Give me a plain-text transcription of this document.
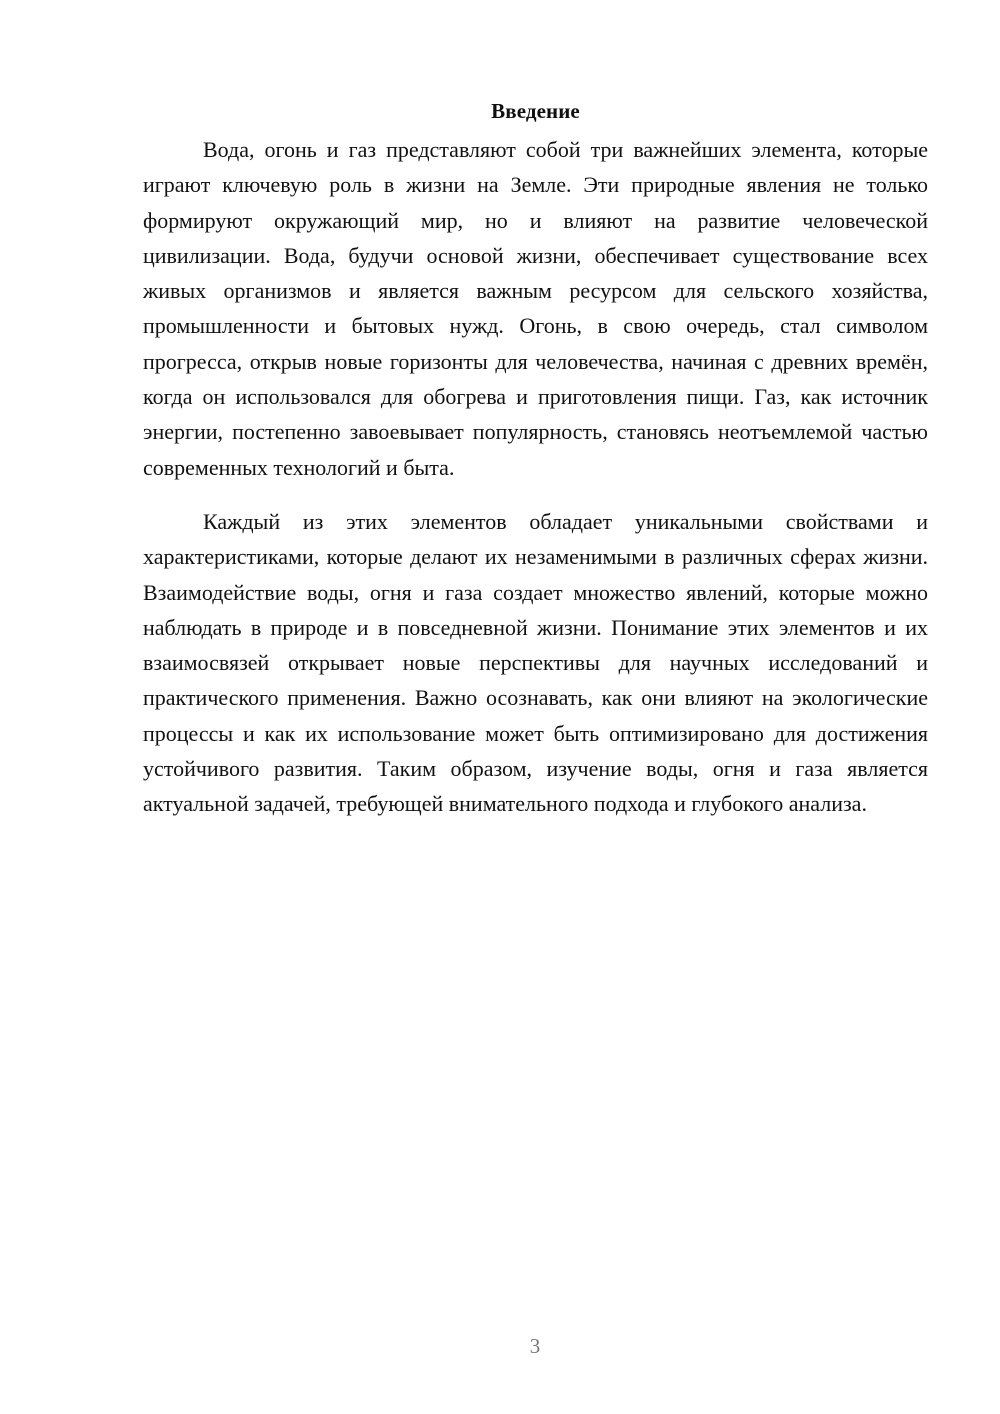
Введение

Вода, огонь и газ представляют собой три важнейших элемента, которые играют ключевую роль в жизни на Земле. Эти природные явления не только формируют окружающий мир, но и влияют на развитие человеческой цивилизации. Вода, будучи основой жизни, обеспечивает существование всех живых организмов и является важным ресурсом для сельского хозяйства, промышленности и бытовых нужд. Огонь, в свою очередь, стал символом прогресса, открыв новые горизонты для человечества, начиная с древних времён, когда он использовался для обогрева и приготовления пищи. Газ, как источник энергии, постепенно завоевывает популярность, становясь неотъемлемой частью современных технологий и быта.

Каждый из этих элементов обладает уникальными свойствами и характеристиками, которые делают их незаменимыми в различных сферах жизни. Взаимодействие воды, огня и газа создает множество явлений, которые можно наблюдать в природе и в повседневной жизни. Понимание этих элементов и их взаимосвязей открывает новые перспективы для научных исследований и практического применения. Важно осознавать, как они влияют на экологические процессы и как их использование может быть оптимизировано для достижения устойчивого развития. Таким образом, изучение воды, огня и газа является актуальной задачей, требующей внимательного подхода и глубокого анализа.

3
